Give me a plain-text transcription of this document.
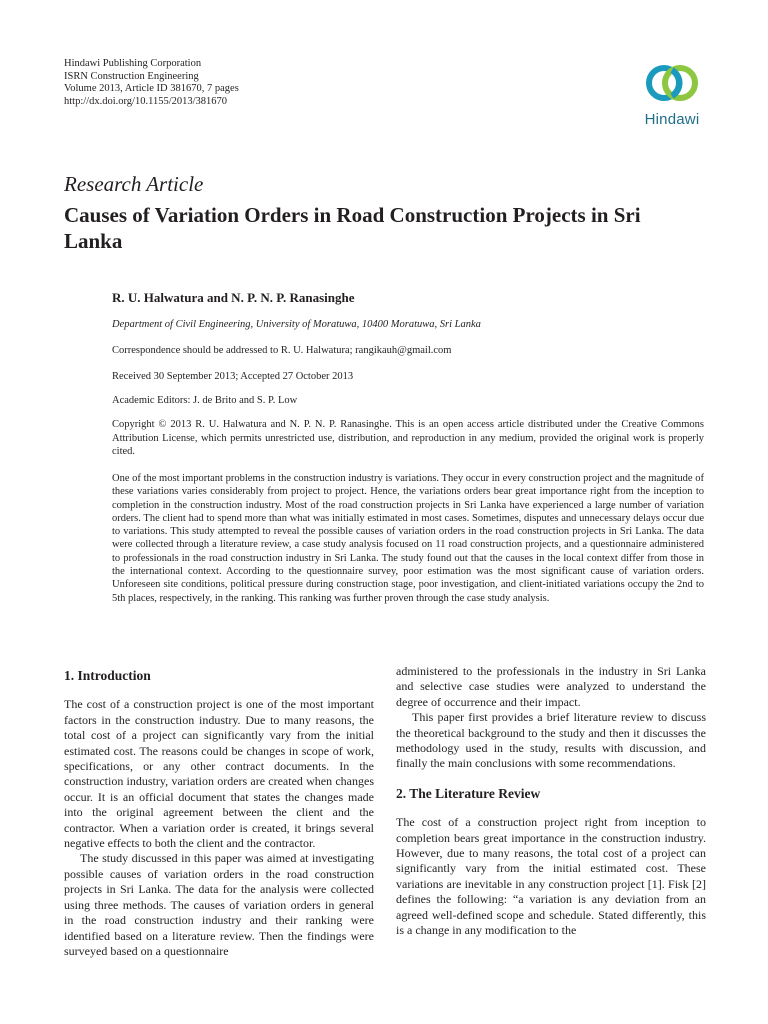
Hindawi Publishing Corporation
ISRN Construction Engineering
Volume 2013, Article ID 381670, 7 pages
http://dx.doi.org/10.1155/2013/381670
Hindawi
Research Article
Causes of Variation Orders in Road Construction Projects in Sri Lanka
R. U. Halwatura and N. P. N. P. Ranasinghe
Department of Civil Engineering, University of Moratuwa, 10400 Moratuwa, Sri Lanka
Correspondence should be addressed to R. U. Halwatura; rangikauh@gmail.com
Received 30 September 2013; Accepted 27 October 2013
Academic Editors: J. de Brito and S. P. Low
Copyright © 2013 R. U. Halwatura and N. P. N. P. Ranasinghe. This is an open access article distributed under the Creative Commons Attribution License, which permits unrestricted use, distribution, and reproduction in any medium, provided the original work is properly cited.

One of the most important problems in the construction industry is variations. They occur in every construction project and the magnitude of these variations varies considerably from project to project. Hence, the variations orders bear great importance right from the inception to completion in the construction industry. Most of the road construction projects in Sri Lanka have experienced a large number of variation orders. The client had to spend more than what was initially estimated in most cases. Sometimes, disputes and unnecessary delays occur due to variations. This study attempted to reveal the possible causes of variation orders in the road construction projects in Sri Lanka. The data were collected through a literature review, a case study analysis focused on 11 road construction projects, and a questionnaire administered to professionals in the road construction industry in Sri Lanka. The study found out that the causes in the local context differ from those in the international context. According to the questionnaire survey, poor estimation was the most significant cause of variation orders. Unforeseen site conditions, political pressure during construction stage, poor investigation, and client-initiated variations occupy the 2nd to 5th places, respectively, in the ranking. This ranking was further proven through the case study analysis.

1. Introduction

The cost of a construction project is one of the most important factors in the construction industry. Due to many reasons, the total cost of a project can significantly vary from the initial estimated cost. The reasons could be changes in scope of work, specifications, or any other contract documents. In the construction industry, variation orders are created when changes occur. It is an official document that states the changes made into the original agreement between the client and the contractor. When a variation order is created, it brings several negative effects to both the client and the contractor.

The study discussed in this paper was aimed at investigating possible causes of variation orders in the road construction projects in Sri Lanka. The data for the analysis were collected using three methods. The causes of variation orders in general in the road construction industry and their ranking were identified based on a literature review. Then the findings were surveyed based on a questionnaire

administered to the professionals in the industry in Sri Lanka and selective case studies were analyzed to understand the degree of occurrence and their impact.

This paper first provides a brief literature review to discuss the theoretical background to the study and then it discusses the methodology used in the study, results with discussion, and finally the main conclusions with some recommendations.

2. The Literature Review

The cost of a construction project right from inception to completion bears great importance in the construction industry. However, due to many reasons, the total cost of a project can significantly vary from the initial estimated cost. These variations are inevitable in any construction project [1]. Fisk [2] defines the following: “a variation is any deviation from an agreed well-defined scope and schedule. Stated differently, this is a change in any modification to the
